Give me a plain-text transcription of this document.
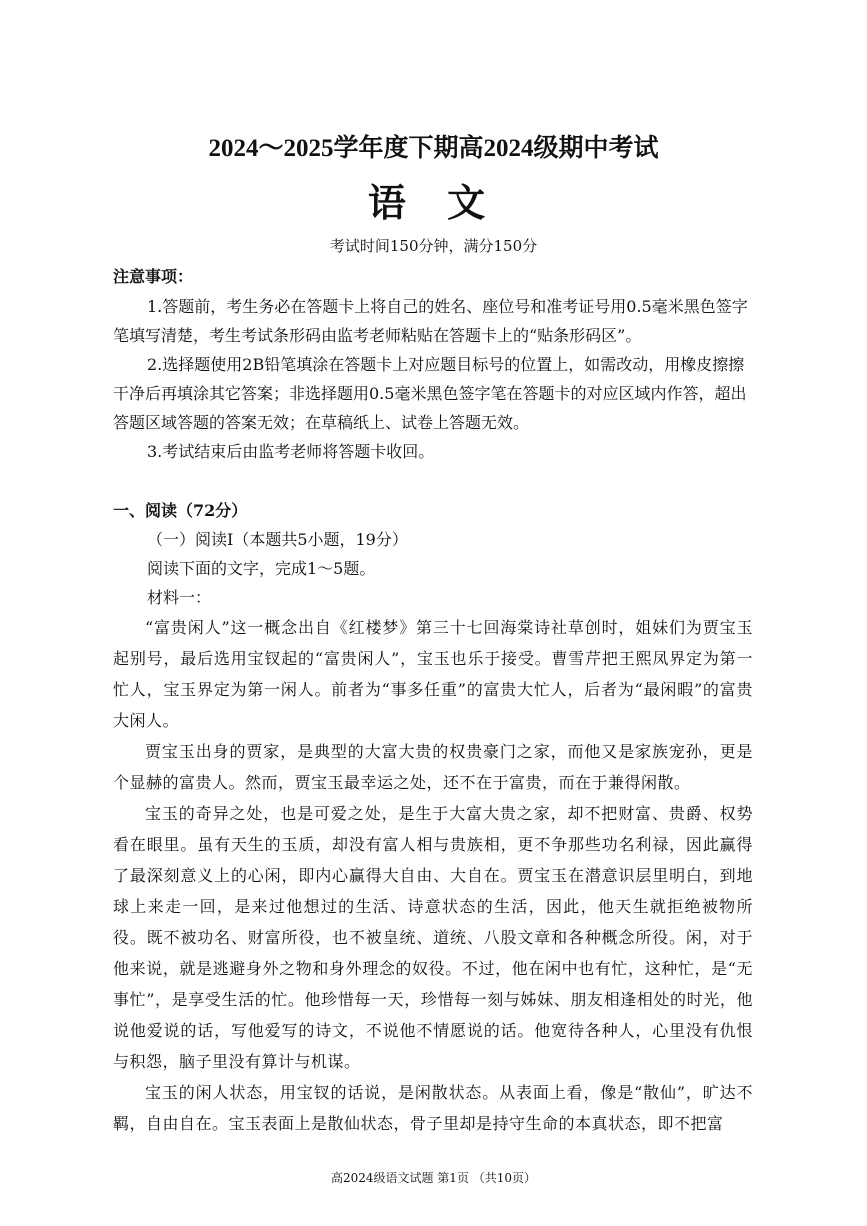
2024～2025学年度下期高2024级期中考试
语 文
考试时间150分钟，满分150分

注意事项：

1.答题前，考生务必在答题卡上将自己的姓名、座位号和准考证号用0.5毫米黑色签字笔填写清楚，考生考试条形码由监考老师粘贴在答题卡上的“贴条形码区”。

2.选择题使用2B铅笔填涂在答题卡上对应题目标号的位置上，如需改动，用橡皮擦擦干净后再填涂其它答案；非选择题用0.5毫米黑色签字笔在答题卡的对应区域内作答，超出答题区域答题的答案无效；在草稿纸上、试卷上答题无效。

3.考试结束后由监考老师将答题卡收回。

一、阅读（72分）

（一）阅读Ⅰ（本题共5小题，19分）

阅读下面的文字，完成1～5题。

材料一：

“富贵闲人”这一概念出自《红楼梦》第三十七回海棠诗社草创时，姐妹们为贾宝玉起别号，最后选用宝钗起的“富贵闲人”，宝玉也乐于接受。曹雪芹把王熙凤界定为第一忙人，宝玉界定为第一闲人。前者为“事多任重”的富贵大忙人，后者为“最闲暇”的富贵大闲人。

贾宝玉出身的贾家，是典型的大富大贵的权贵豪门之家，而他又是家族宠孙，更是个显赫的富贵人。然而，贾宝玉最幸运之处，还不在于富贵，而在于兼得闲散。

宝玉的奇异之处，也是可爱之处，是生于大富大贵之家，却不把财富、贵爵、权势看在眼里。虽有天生的玉质，却没有富人相与贵族相，更不争那些功名利禄，因此赢得了最深刻意义上的心闲，即内心赢得大自由、大自在。贾宝玉在潜意识层里明白，到地球上来走一回，是来过他想过的生活、诗意状态的生活，因此，他天生就拒绝被物所役。既不被功名、财富所役，也不被皇统、道统、八股文章和各种概念所役。闲，对于他来说，就是逃避身外之物和身外理念的奴役。不过，他在闲中也有忙，这种忙，是“无事忙”，是享受生活的忙。他珍惜每一天，珍惜每一刻与姊妹、朋友相逢相处的时光，他说他爱说的话，写他爱写的诗文，不说他不情愿说的话。他宽待各种人，心里没有仇恨与积怨，脑子里没有算计与机谋。

宝玉的闲人状态，用宝钗的话说，是闲散状态。从表面上看，像是“散仙”，旷达不羁，自由自在。宝玉表面上是散仙状态，骨子里却是持守生命的本真状态，即不把富

高2024级语文试题 第1页 （共10页）
